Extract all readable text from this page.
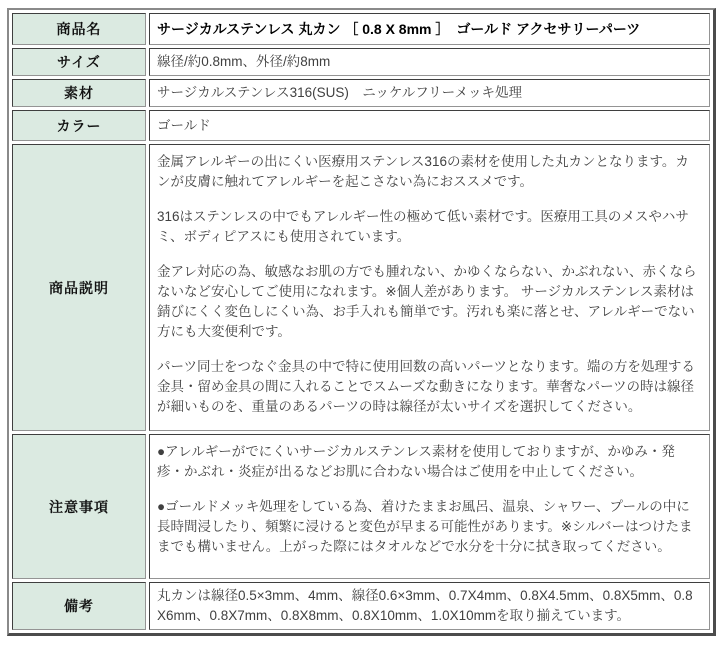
商品名	サージカルステンレス 丸カン ［ 0.8 X 8mm ］　ゴールド アクセサリーパーツ
サイズ	線径/約0.8mm、外径/約8mm
素材	サージカルステンレス316(SUS)　ニッケルフリーメッキ処理
カラー	ゴールド
商品説明	金属アレルギーの出にくい医療用ステンレス316の素材を使用した丸カンとなります。カンが皮膚に触れてアレルギーを起こさない為におススメです。

316はステンレスの中でもアレルギー性の極めて低い素材です。医療用工具のメスやハサミ、ボディピアスにも使用されています。

金アレ対応の為、敏感なお肌の方でも腫れない、かゆくならない、かぶれない、赤くならないなど安心してご使用になれます。※個人差があります。 サージカルステンレス素材は錆びにくく変色しにくい為、お手入れも簡単です。汚れも楽に落とせ、アレルギーでない方にも大変便利です。

パーツ同士をつなぐ金具の中で特に使用回数の高いパーツとなります。端の方を処理する金具・留め金具の間に入れることでスムーズな動きになります。華奢なパーツの時は線径が細いものを、重量のあるパーツの時は線径が太いサイズを選択してください。

注意事項	●アレルギーがでにくいサージカルステンレス素材を使用しておりますが、かゆみ・発疹・かぶれ・炎症が出るなどお肌に合わない場合はご使用を中止してください。

●ゴールドメッキ処理をしている為、着けたままお風呂、温泉、シャワー、プールの中に長時間浸したり、頻繁に浸けると変色が早まる可能性があります。※シルバーはつけたままでも構いません。上がった際にはタオルなどで水分を十分に拭き取ってください。

備考	丸カンは線径0.5×3mm、4mm、線径0.6×3mm、0.7X4mm、0.8X4.5mm、0.8X5mm、0.8X6mm、0.8X7mm、0.8X8mm、0.8X10mm、1.0X10mmを取り揃えています。
